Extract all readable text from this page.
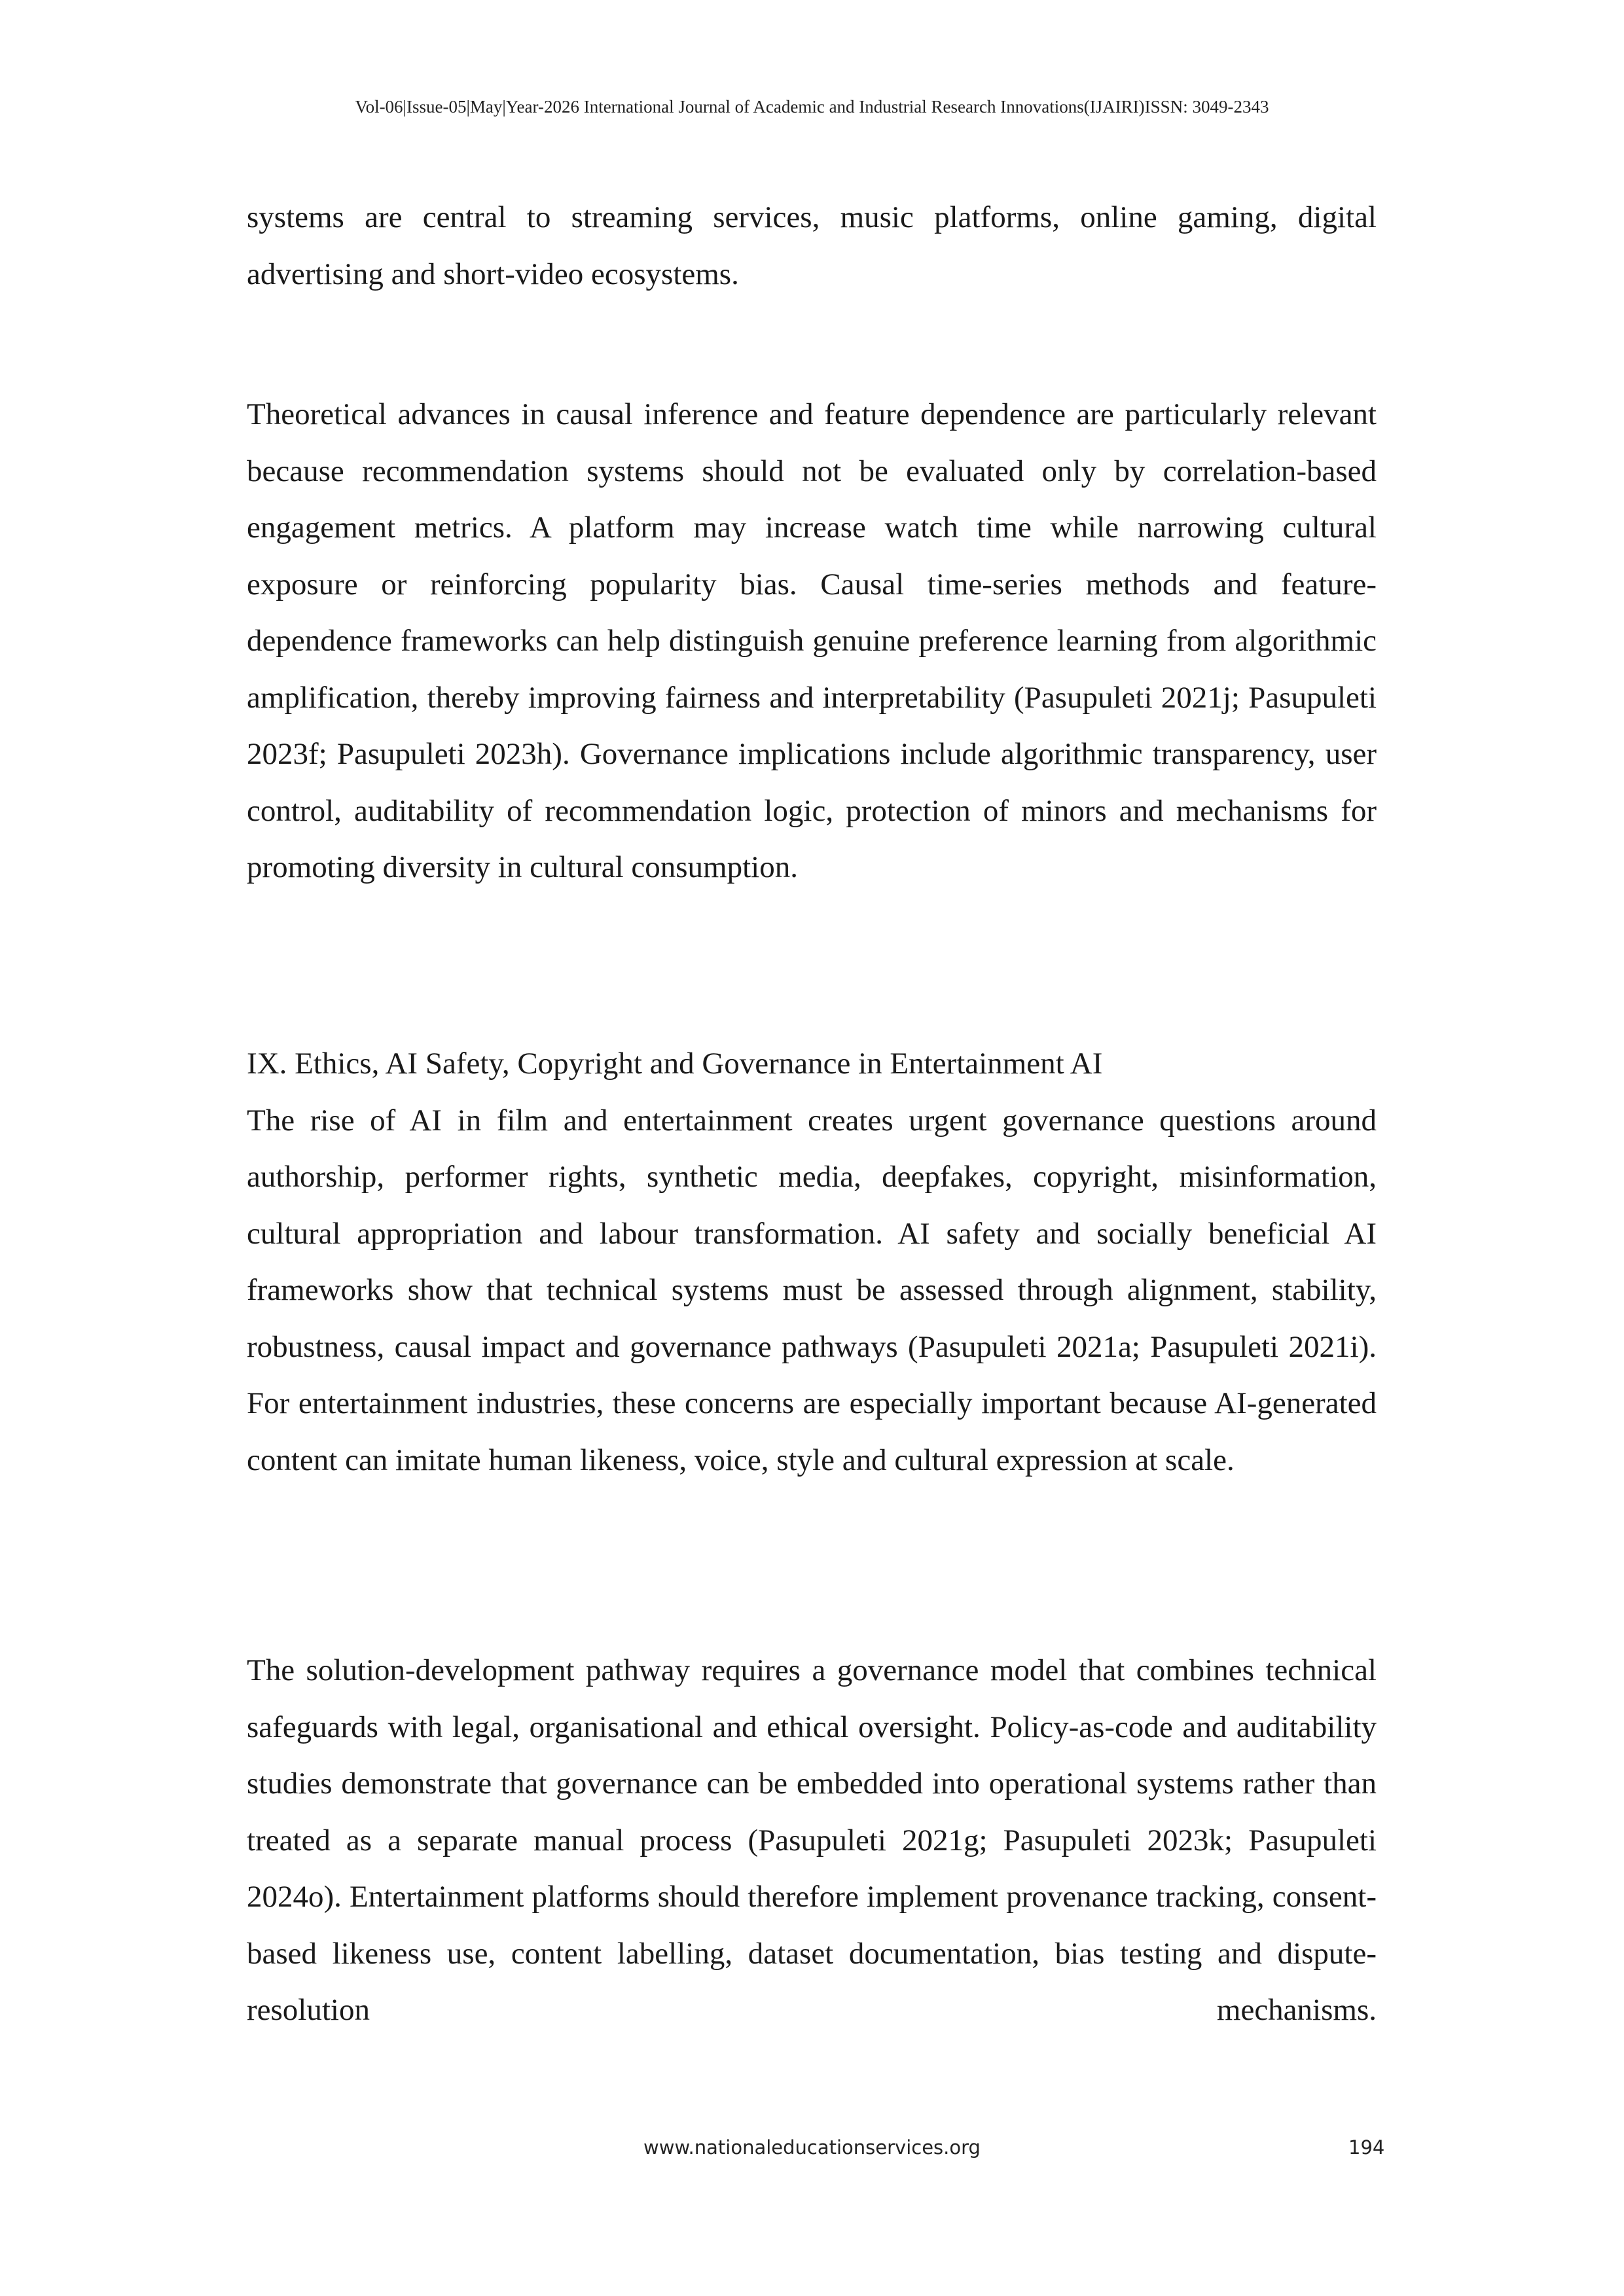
Vol-06|Issue-05|May|Year-2026 International Journal of Academic and Industrial Research Innovations(IJAIRI)ISSN: 3049-2343

systems are central to streaming services, music platforms, online gaming, digital advertising and short-video ecosystems.

Theoretical advances in causal inference and feature dependence are particularly relevant because recommendation systems should not be evaluated only by correlation-based engagement metrics. A platform may increase watch time while narrowing cultural exposure or reinforcing popularity bias. Causal time-series methods and feature-dependence frameworks can help distinguish genuine preference learning from algorithmic amplification, thereby improving fairness and interpretability (Pasupuleti 2021j; Pasupuleti 2023f; Pasupuleti 2023h). Governance implications include algorithmic transparency, user control, auditability of recommendation logic, protection of minors and mechanisms for promoting diversity in cultural consumption.

IX. Ethics, AI Safety, Copyright and Governance in Entertainment AI

The rise of AI in film and entertainment creates urgent governance questions around authorship, performer rights, synthetic media, deepfakes, copyright, misinformation, cultural appropriation and labour transformation. AI safety and socially beneficial AI frameworks show that technical systems must be assessed through alignment, stability, robustness, causal impact and governance pathways (Pasupuleti 2021a; Pasupuleti 2021i). For entertainment industries, these concerns are especially important because AI-generated content can imitate human likeness, voice, style and cultural expression at scale.

The solution-development pathway requires a governance model that combines technical safeguards with legal, organisational and ethical oversight. Policy-as-code and auditability studies demonstrate that governance can be embedded into operational systems rather than treated as a separate manual process (Pasupuleti 2021g; Pasupuleti 2023k; Pasupuleti 2024o). Entertainment platforms should therefore implement provenance tracking, consent-based likeness use, content labelling, dataset documentation, bias testing and dispute-resolution mechanisms.

www.nationaleducationservices.org	194
